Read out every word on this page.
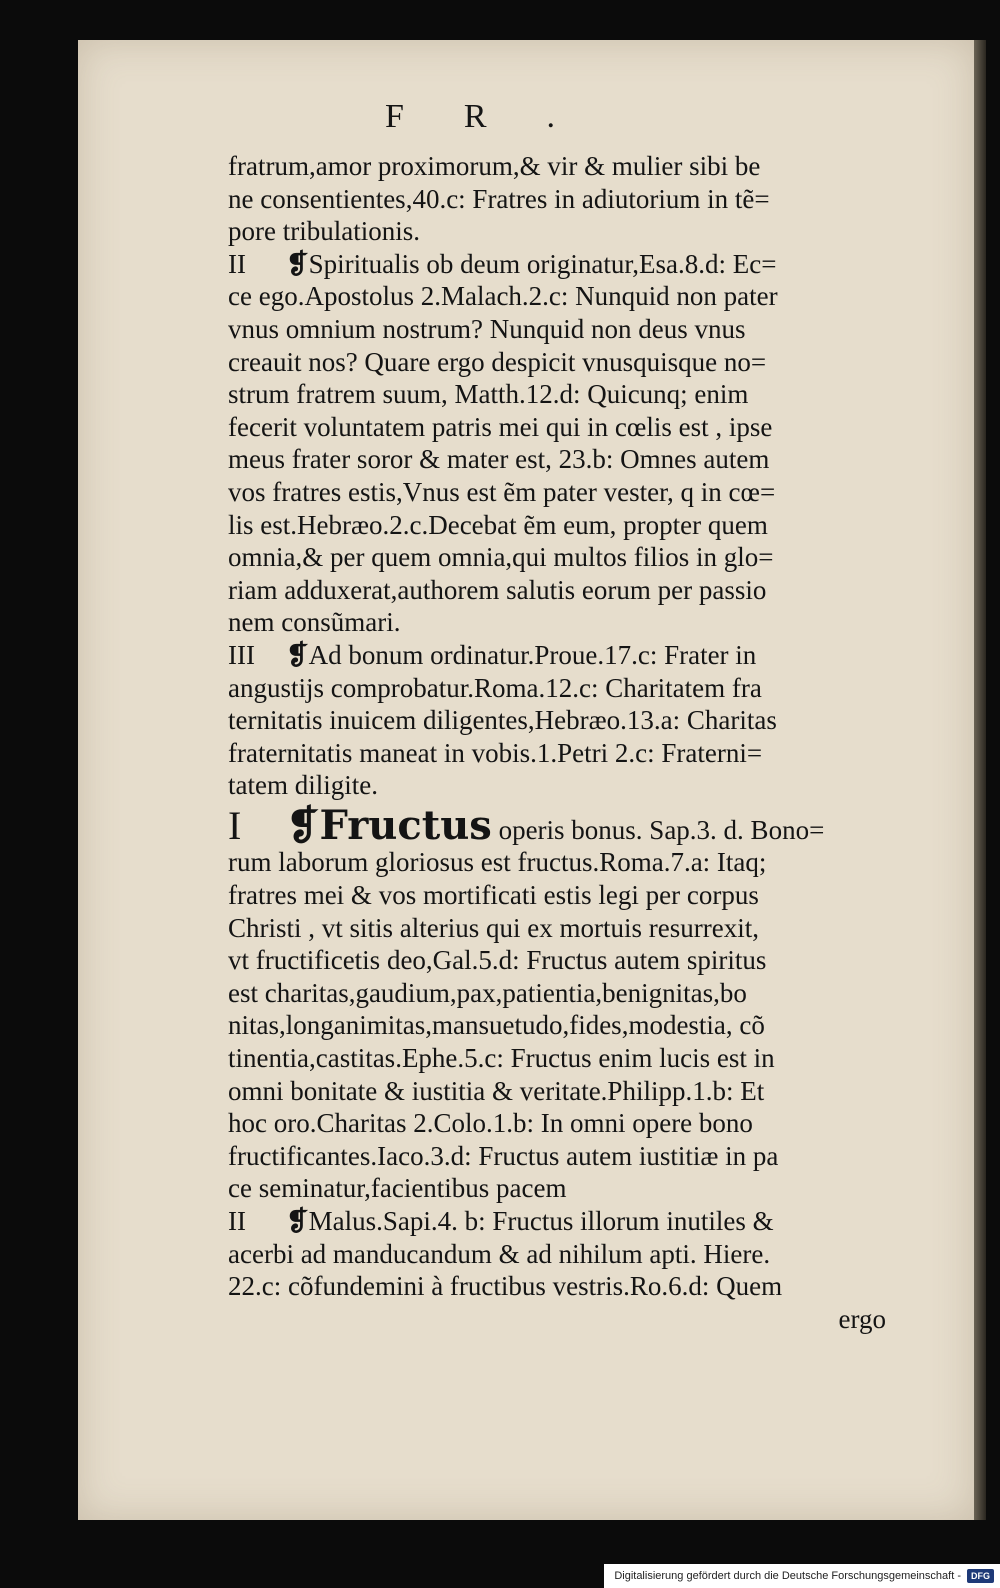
FR.
fratrum,amor proximorum,& vir & mulier sibi be
ne consentientes,40.c: Fratres in adiutorium in tẽ=
pore tribulationis.
II ❡Spiritualis ob deum originatur,Esa.8.d: Ec=
ce ego.Apostolus 2.Malach.2.c: Nunquid non pater
vnus omnium nostrum? Nunquid non deus vnus
creauit nos? Quare ergo despicit vnusquisque no=
strum fratrem suum, Matth.12.d: Quicunq; enim
fecerit voluntatem patris mei qui in cœlis est , ipse
meus frater soror & mater est, 23.b: Omnes autem
vos fratres estis,Vnus est ẽm pater vester, q in cœ=
lis est.Hebræo.2.c.Decebat ẽm eum, propter quem
omnia,& per quem omnia,qui multos filios in glo=
riam adduxerat,authorem salutis eorum per passio
nem consũmari.
III ❡Ad bonum ordinatur.Proue.17.c: Frater in
angustijs comprobatur.Roma.12.c: Charitatem fra
ternitatis inuicem diligentes,Hebræo.13.a: Charitas
fraternitatis maneat in vobis.1.Petri 2.c: Fraterni=
tatem diligite.
I ❡Fructus operis bonus. Sap.3. d. Bono=
rum laborum gloriosus est fructus.Roma.7.a: Itaq;
fratres mei & vos mortificati estis legi per corpus
Christi , vt sitis alterius qui ex mortuis resurrexit,
vt fructificetis deo,Gal.5.d: Fructus autem spiritus
est charitas,gaudium,pax,patientia,benignitas,bo
nitas,longanimitas,mansuetudo,fides,modestia, cõ
tinentia,castitas.Ephe.5.c: Fructus enim lucis est in
omni bonitate & iustitia & veritate.Philipp.1.b: Et
hoc oro.Charitas 2.Colo.1.b: In omni opere bono
fructificantes.Iaco.3.d: Fructus autem iustitiæ in pa
ce seminatur,facientibus pacem
II ❡Malus.Sapi.4. b: Fructus illorum inutiles &
acerbi ad manducandum & ad nihilum apti. Hiere.
22.c: cõfundemini à fructibus vestris.Ro.6.d: Quem
ergo
Digitalisierung gefördert durch die Deutsche Forschungsgemeinschaft -	DFG
